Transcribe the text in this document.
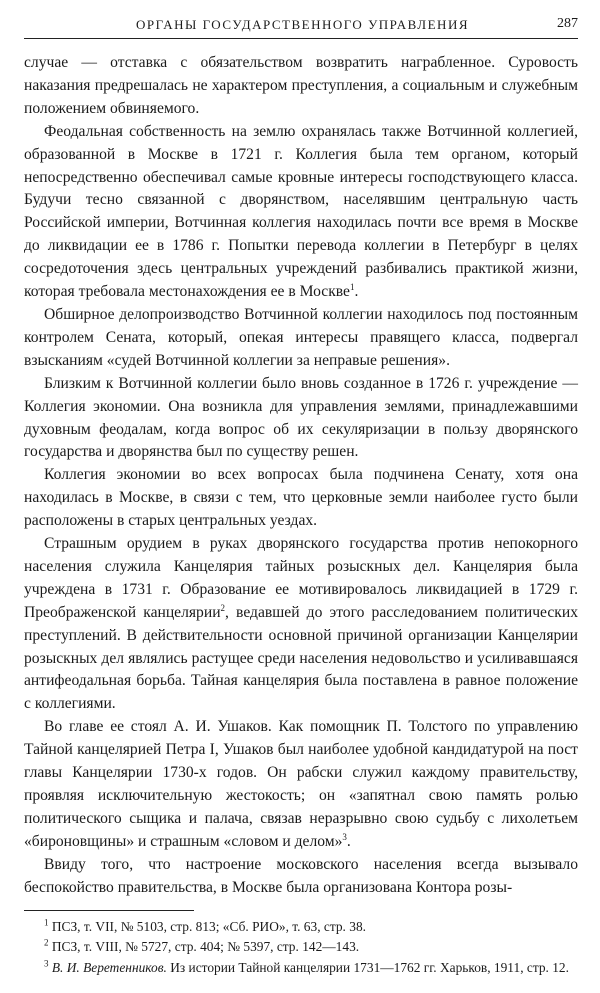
ОРГАНЫ ГОСУДАРСТВЕННОГО УПРАВЛЕНИЯ	287

случае — отставка с обязательством возвратить награбленное. Суровость наказания предрешалась не характером преступления, а социальным и служебным положением обвиняемого.

Феодальная собственность на землю охранялась также Вотчинной коллегией, образованной в Москве в 1721 г. Коллегия была тем органом, который непосредственно обеспечивал самые кровные интересы господствующего класса. Будучи тесно связанной с дворянством, населявшим центральную часть Российской империи, Вотчинная коллегия находилась почти все время в Москве до ликвидации ее в 1786 г. Попытки перевода коллегии в Петербург в целях сосредоточения здесь центральных учреждений разбивались практикой жизни, которая требовала местонахождения ее в Москве$^1$.

Обширное делопроизводство Вотчинной коллегии находилось под постоянным контролем Сената, который, опекая интересы правящего класса, подвергал взысканиям «судей Вотчинной коллегии за неправые решения».

Близким к Вотчинной коллегии было вновь созданное в 1726 г. учреждение — Коллегия экономии. Она возникла для управления землями, принадлежавшими духовным феодалам, когда вопрос об их секуляризации в пользу дворянского государства и дворянства был по существу решен.

Коллегия экономии во всех вопросах была подчинена Сенату, хотя она находилась в Москве, в связи с тем, что церковные земли наиболее густо были расположены в старых центральных уездах.

Страшным орудием в руках дворянского государства против непокорного населения служила Канцелярия тайных розыскных дел. Канцелярия была учреждена в 1731 г. Образование ее мотивировалось ликвидацией в 1729 г. Преображенской канцелярии$^2$, ведавшей до этого расследованием политических преступлений. В действительности основной причиной организации Канцелярии розыскных дел являлись растущее среди населения недовольство и усиливавшаяся антифеодальная борьба. Тайная канцелярия была поставлена в равное положение с коллегиями.

Во главе ее стоял А. И. Ушаков. Как помощник П. Толстого по управлению Тайной канцелярией Петра I, Ушаков был наиболее удобной кандидатурой на пост главы Канцелярии 1730-х годов. Он рабски служил каждому правительству, проявляя исключительную жестокость; он «запятнал свою память ролью политического сыщика и палача, связав неразрывно свою судьбу с лихолетьем «бироновщины» и страшным «словом и делом»$^3$.

Ввиду того, что настроение московского населения всегда вызывало беспокойство правительства, в Москве была организована Контора розы-

$^1$ ПСЗ, т. VII, № 5103, стр. 813; «Сб. РИО», т. 63, стр. 38.

$^2$ ПСЗ, т. VIII, № 5727, стр. 404; № 5397, стр. 142—143.

$^3$ В. И. Веретенников. Из истории Тайной канцелярии 1731—1762 гг. Харьков, 1911, стр. 12.
